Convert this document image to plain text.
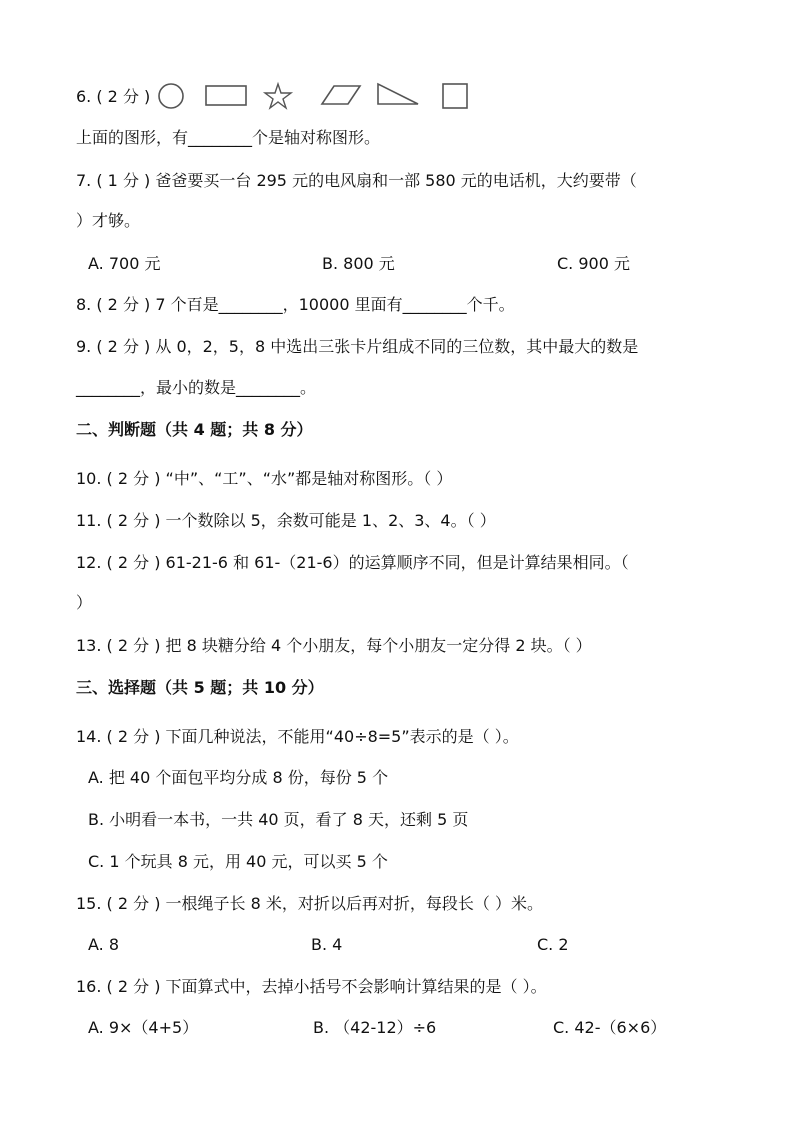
6. ( 2 分 )
上面的图形，有________个是轴对称图形。
7. ( 1 分 ) 爸爸要买一台 295 元的电风扇和一部 580 元的电话机，大约要带（
）才够。
A. 700 元	B. 800 元	C. 900 元
8. ( 2 分 ) 7 个百是________，10000 里面有________个千。
9. ( 2 分 ) 从 0，2，5，8 中选出三张卡片组成不同的三位数，其中最大的数是
________，最小的数是________。
二、判断题（共 4 题；共 8 分）
10. ( 2 分 ) “中”、“工”、“水”都是轴对称图形。（ ）
11. ( 2 分 ) 一个数除以 5，余数可能是 1、2、3、4。（ ）
12. ( 2 分 ) 61-21-6 和 61-（21-6）的运算顺序不同，但是计算结果相同。（
）
13. ( 2 分 ) 把 8 块糖分给 4 个小朋友，每个小朋友一定分得 2 块。（ ）
三、选择题（共 5 题；共 10 分）
14. ( 2 分 ) 下面几种说法，不能用“40÷8=5”表示的是（ ）。
A. 把 40 个面包平均分成 8 份，每份 5 个
B. 小明看一本书，一共 40 页，看了 8 天，还剩 5 页
C. 1 个玩具 8 元，用 40 元，可以买 5 个
15. ( 2 分 ) 一根绳子长 8 米，对折以后再对折，每段长（ ）米。
A. 8	B. 4	C. 2
16. ( 2 分 ) 下面算式中，去掉小括号不会影响计算结果的是（ ）。
A. 9×（4+5）	B. （42-12）÷6	C. 42-（6×6）
